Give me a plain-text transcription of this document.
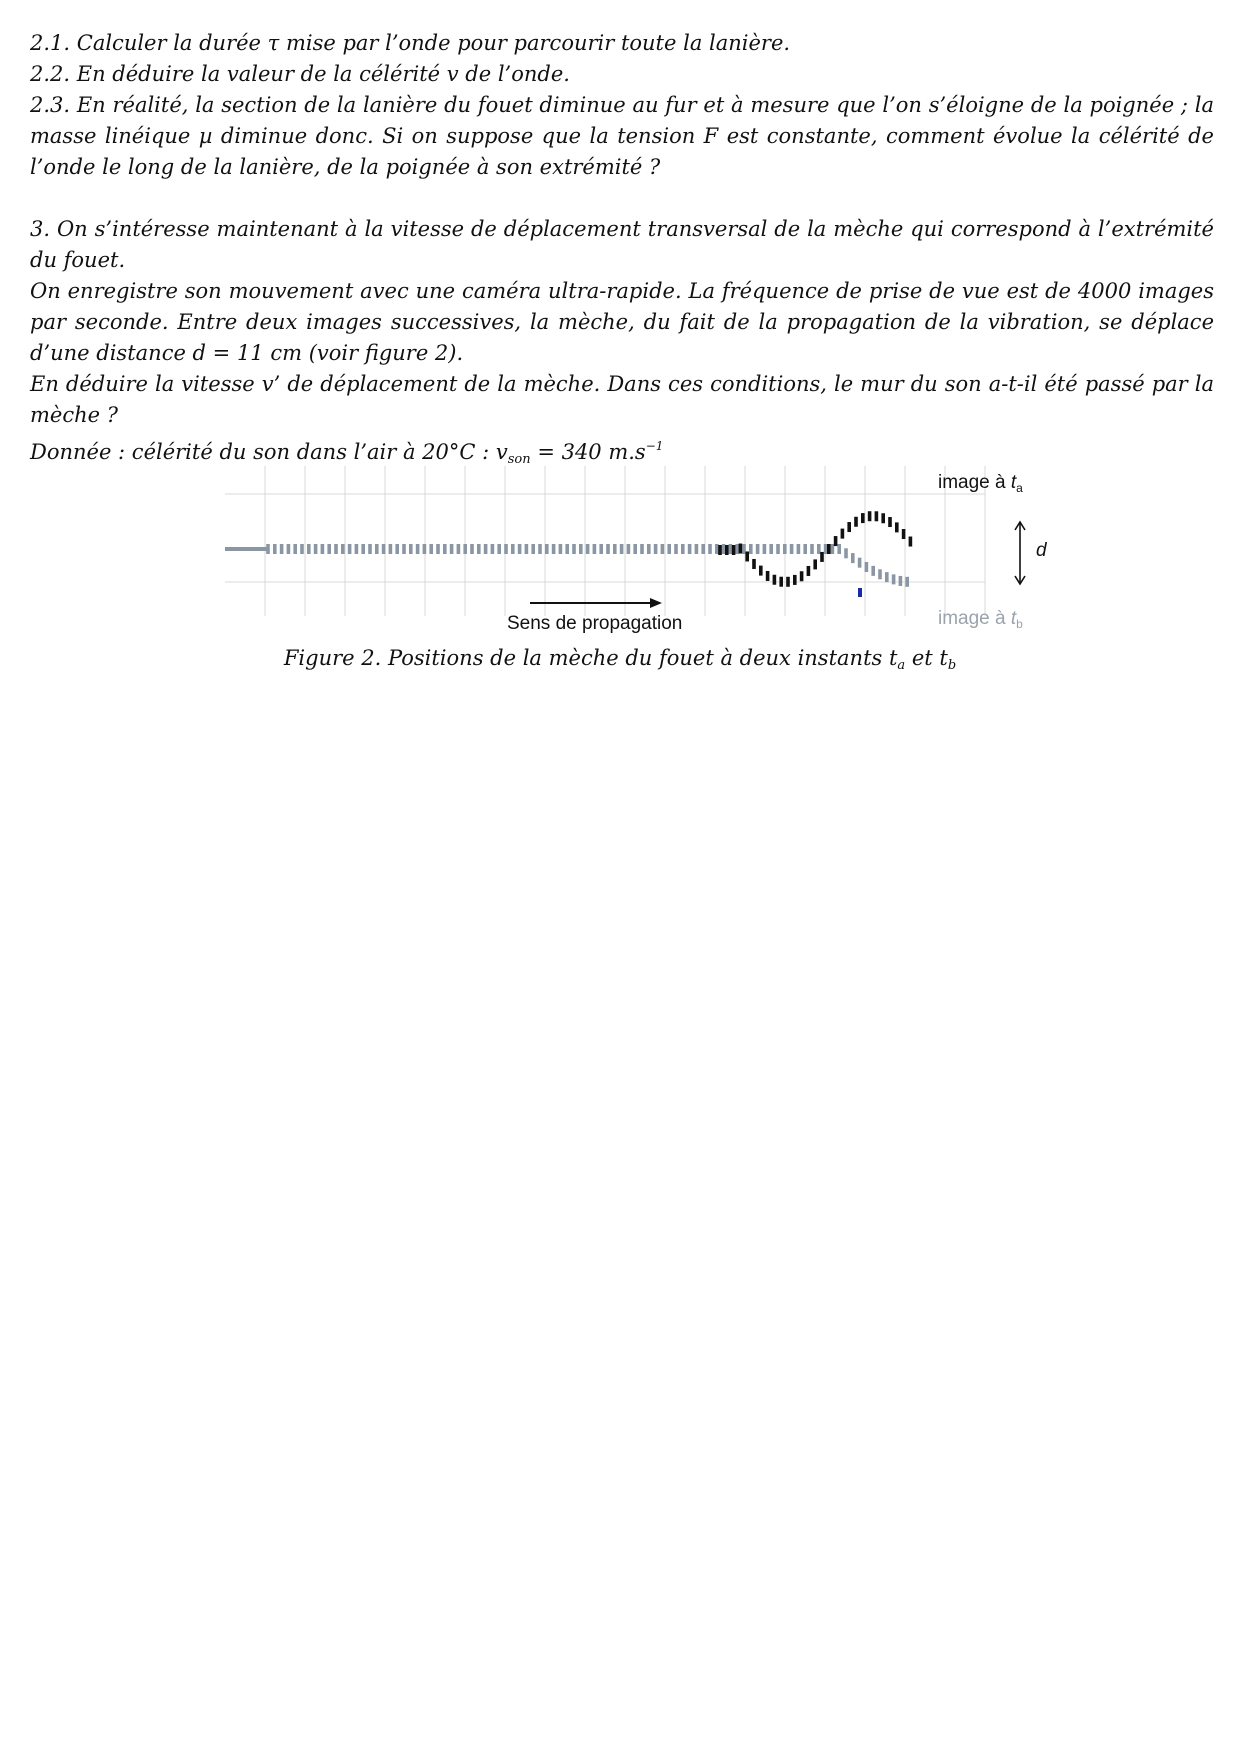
2.1. Calculer la durée τ mise par l’onde pour parcourir toute la lanière.

2.2. En déduire la valeur de la célérité v de l’onde.

2.3. En réalité, la section de la lanière du fouet diminue au fur et à mesure que l’on s’éloigne de la poignée ; la masse linéique µ diminue donc. Si on suppose que la tension F est constante, comment évolue la célérité de l’onde le long de la lanière, de la poignée à son extrémité ?

3. On s’intéresse maintenant à la vitesse de déplacement transversal de la mèche qui correspond à l’extrémité du fouet.

On enregistre son mouvement avec une caméra ultra-rapide. La fréquence de prise de vue est de 4000 images par seconde. Entre deux images successives, la mèche, du fait de la propagation de la vibration, se déplace d’une distance d = 11 cm (voir figure 2).

En déduire la vitesse v’ de déplacement de la mèche. Dans ces conditions, le mur du son a-t-il été passé par la mèche ?

Donnée : célérité du son dans l’air à 20°C : $v_{son} = 340$ $m.s^{-1}$

image à $t_a$
image à $t_b$
d
Sens de propagation
Figure 2. Positions de la mèche du fouet à deux instants $t_a$ et $t_b$
